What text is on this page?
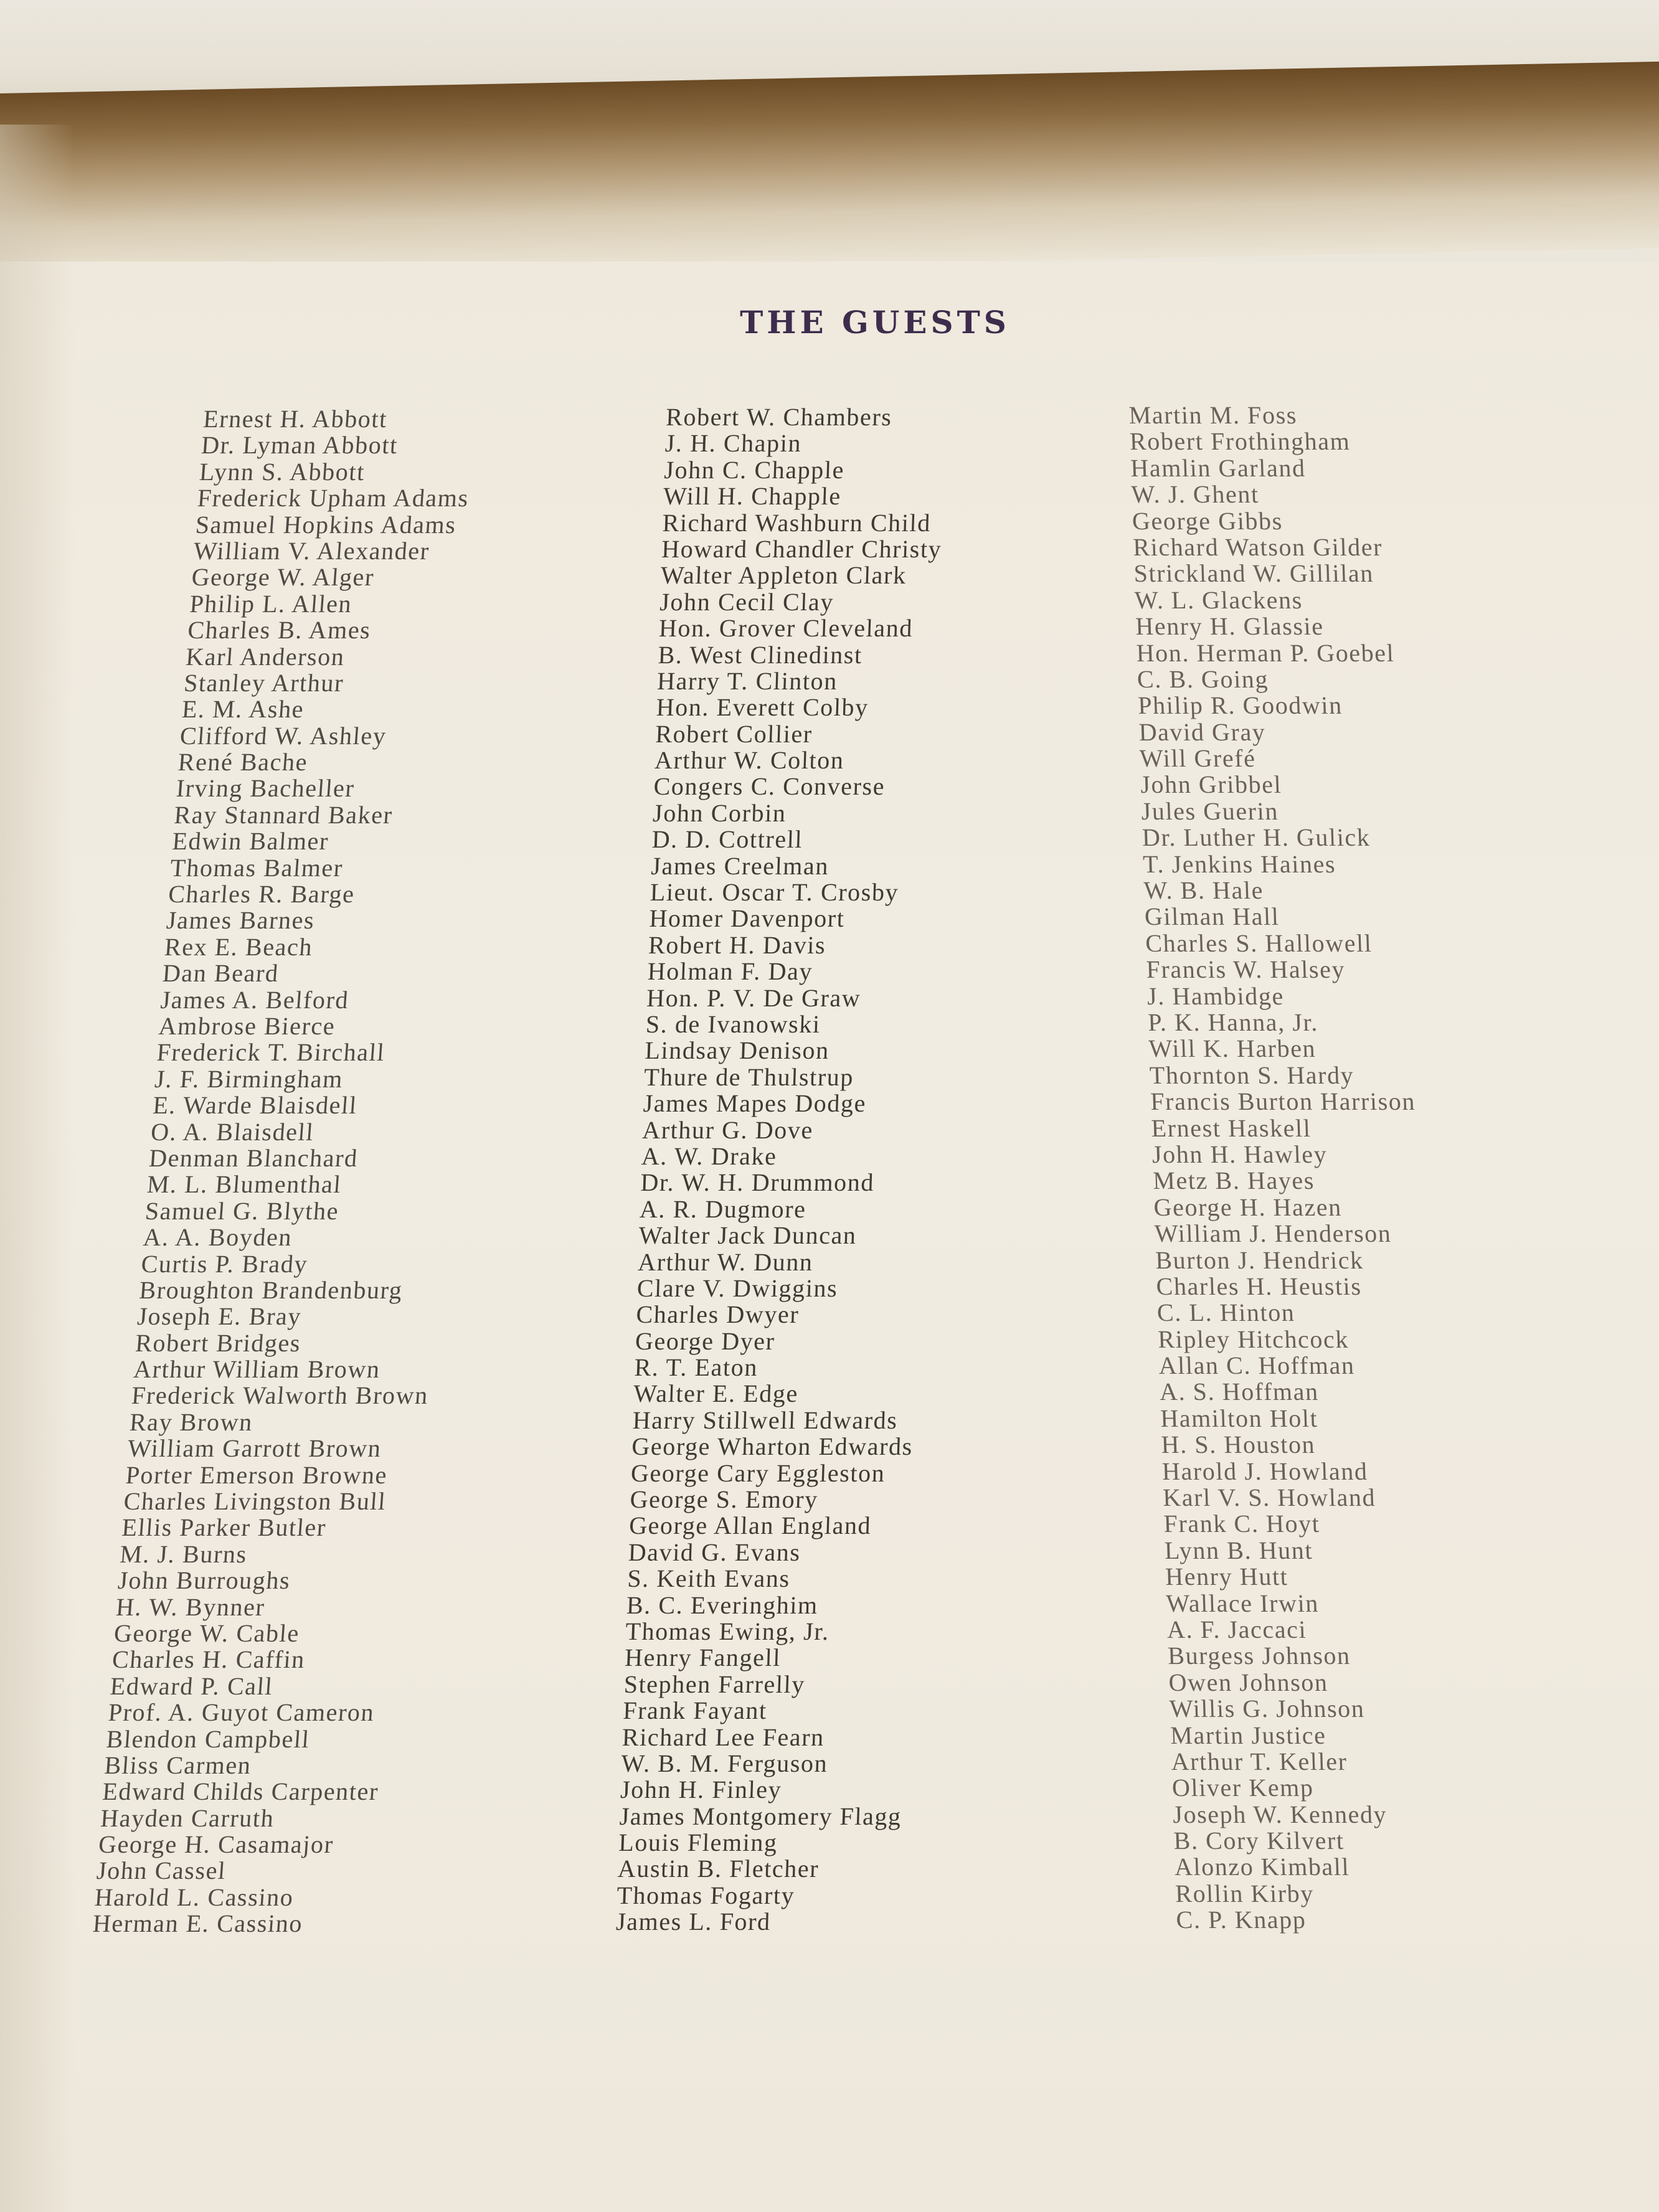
THE GUESTS
Ernest H. Abbott
Dr. Lyman Abbott
Lynn S. Abbott
Frederick Upham Adams
Samuel Hopkins Adams
William V. Alexander
George W. Alger
Philip L. Allen
Charles B. Ames
Karl Anderson
Stanley Arthur
E. M. Ashe
Clifford W. Ashley
René Bache
Irving Bacheller
Ray Stannard Baker
Edwin Balmer
Thomas Balmer
Charles R. Barge
James Barnes
Rex E. Beach
Dan Beard
James A. Belford
Ambrose Bierce
Frederick T. Birchall
J. F. Birmingham
E. Warde Blaisdell
O. A. Blaisdell
Denman Blanchard
M. L. Blumenthal
Samuel G. Blythe
A. A. Boyden
Curtis P. Brady
Broughton Brandenburg
Joseph E. Bray
Robert Bridges
Arthur William Brown
Frederick Walworth Brown
Ray Brown
William Garrott Brown
Porter Emerson Browne
Charles Livingston Bull
Ellis Parker Butler
M. J. Burns
John Burroughs
H. W. Bynner
George W. Cable
Charles H. Caffin
Edward P. Call
Prof. A. Guyot Cameron
Blendon Campbell
Bliss Carmen
Edward Childs Carpenter
Hayden Carruth
George H. Casamajor
John Cassel
Harold L. Cassino
Herman E. Cassino
Robert W. Chambers
J. H. Chapin
John C. Chapple
Will H. Chapple
Richard Washburn Child
Howard Chandler Christy
Walter Appleton Clark
John Cecil Clay
Hon. Grover Cleveland
B. West Clinedinst
Harry T. Clinton
Hon. Everett Colby
Robert Collier
Arthur W. Colton
Congers C. Converse
John Corbin
D. D. Cottrell
James Creelman
Lieut. Oscar T. Crosby
Homer Davenport
Robert H. Davis
Holman F. Day
Hon. P. V. De Graw
S. de Ivanowski
Lindsay Denison
Thure de Thulstrup
James Mapes Dodge
Arthur G. Dove
A. W. Drake
Dr. W. H. Drummond
A. R. Dugmore
Walter Jack Duncan
Arthur W. Dunn
Clare V. Dwiggins
Charles Dwyer
George Dyer
R. T. Eaton
Walter E. Edge
Harry Stillwell Edwards
George Wharton Edwards
George Cary Eggleston
George S. Emory
George Allan England
David G. Evans
S. Keith Evans
B. C. Everinghim
Thomas Ewing, Jr.
Henry Fangell
Stephen Farrelly
Frank Fayant
Richard Lee Fearn
W. B. M. Ferguson
John H. Finley
James Montgomery Flagg
Louis Fleming
Austin B. Fletcher
Thomas Fogarty
James L. Ford
Martin M. Foss
Robert Frothingham
Hamlin Garland
W. J. Ghent
George Gibbs
Richard Watson Gilder
Strickland W. Gillilan
W. L. Glackens
Henry H. Glassie
Hon. Herman P. Goebel
C. B. Going
Philip R. Goodwin
David Gray
Will Grefé
John Gribbel
Jules Guerin
Dr. Luther H. Gulick
T. Jenkins Haines
W. B. Hale
Gilman Hall
Charles S. Hallowell
Francis W. Halsey
J. Hambidge
P. K. Hanna, Jr.
Will K. Harben
Thornton S. Hardy
Francis Burton Harrison
Ernest Haskell
John H. Hawley
Metz B. Hayes
George H. Hazen
William J. Henderson
Burton J. Hendrick
Charles H. Heustis
C. L. Hinton
Ripley Hitchcock
Allan C. Hoffman
A. S. Hoffman
Hamilton Holt
H. S. Houston
Harold J. Howland
Karl V. S. Howland
Frank C. Hoyt
Lynn B. Hunt
Henry Hutt
Wallace Irwin
A. F. Jaccaci
Burgess Johnson
Owen Johnson
Willis G. Johnson
Martin Justice
Arthur T. Keller
Oliver Kemp
Joseph W. Kennedy
B. Cory Kilvert
Alonzo Kimball
Rollin Kirby
C. P. Knapp
